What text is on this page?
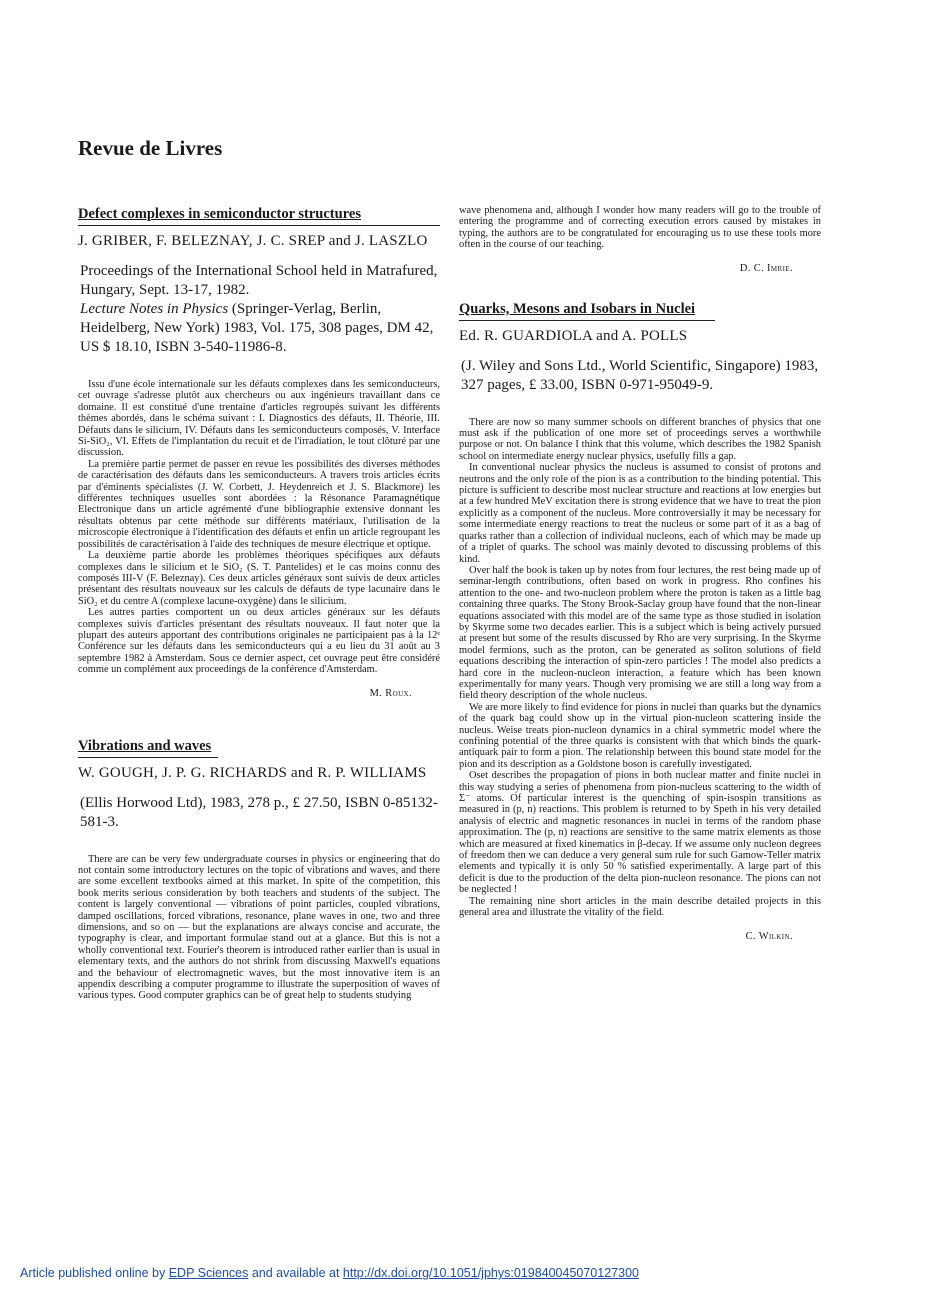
Revue de Livres
Defect complexes in semiconductor structures
J. GRIBER, F. BELEZNAY, J. C. SREP and J. LASZLO

Proceedings of the International School held in Matrafured, Hungary, Sept. 13-17, 1982.

Lecture Notes in Physics (Springer-Verlag, Berlin, Heidelberg, New York) 1983, Vol. 175, 308 pages, DM 42, US $ 18.10, ISBN 3-540-11986-8.

Issu d'une école internationale sur les défauts complexes dans les semiconducteurs, cet ouvrage s'adresse plutôt aux chercheurs ou aux ingénieurs travaillant dans ce domaine. Il est constitué d'une trentaine d'articles regroupés suivant les différents thèmes abordés, dans le schéma suivant : I. Diagnostics des défauts, II. Théorie, III. Défauts dans le silicium, IV. Défauts dans les semiconducteurs composés, V. Interface Si-SiO₂, VI. Effets de l'implantation du recuit et de l'irradiation, le tout clôturé par une discussion.

La première partie permet de passer en revue les possibilités des diverses méthodes de caractérisation des défauts dans les semiconducteurs. A travers trois articles écrits par d'éminents spécialistes (J. W. Corbett, J. Heydenreich et J. S. Blackmore) les différentes techniques usuelles sont abordées : la Résonance Paramagnétique Electronique dans un article agrémenté d'une bibliographie extensive donnant les résultats obtenus par cette méthode sur différents matériaux, l'utilisation de la microscopie électronique à l'identification des défauts et enfin un article regroupant les possibilités de caractérisation à l'aide des techniques de mesure électrique et optique.

La deuxième partie aborde les problèmes théoriques spécifiques aux défauts complexes dans le silicium et le SiO₂ (S. T. Pantelides) et le cas moins connu des composés III-V (F. Beleznay). Ces deux articles généraux sont suivis de deux articles présentant des résultats nouveaux sur les calculs de défauts de type lacunaire dans le SiO₂ et du centre A (complexe lacune-oxygène) dans le silicium.

Les autres parties comportent un ou deux articles généraux sur les défauts complexes suivis d'articles présentant des résultats nouveaux. Il faut noter que la plupart des auteurs apportant des contributions originales ne participaient pas à la 12ᵉ Conférence sur les défauts dans les semiconducteurs qui a eu lieu du 31 août au 3 septembre 1982 à Amsterdam. Sous ce dernier aspect, cet ouvrage peut être considéré comme un complément aux proceedings de la conférence d'Amsterdam.

M. Roux.
Vibrations and waves
W. GOUGH, J. P. G. RICHARDS and R. P. WILLIAMS
(Ellis Horwood Ltd), 1983, 278 p., £ 27.50, ISBN 0-85132-581-3.

There are can be very few undergraduate courses in physics or engineering that do not contain some introductory lectures on the topic of vibrations and waves, and there are some excellent textbooks aimed at this market. In spite of the competition, this book merits serious consideration by both teachers and students of the subject. The content is largely conventional — vibrations of point particles, coupled vibrations, damped oscillations, forced vibrations, resonance, plane waves in one, two and three dimensions, and so on — but the explanations are always concise and accurate, the typography is clear, and important formulae stand out at a glance. But this is not a wholly conventional text. Fourier's theorem is introduced rather earlier than is usual in elementary texts, and the authors do not shrink from discussing Maxwell's equations and the behaviour of electromagnetic waves, but the most innovative item is an appendix describing a computer programme to illustrate the superposition of waves of various types. Good computer graphics can be of great help to students studying

wave phenomena and, although I wonder how many readers will go to the trouble of entering the programme and of correcting execution errors caused by mistakes in typing, the authors are to be congratulated for encouraging us to use these tools more often in the course of our teaching.

D. C. Imrie.
Quarks, Mesons and Isobars in Nuclei
Ed. R. GUARDIOLA and A. POLLS
(J. Wiley and Sons Ltd., World Scientific, Singapore) 1983, 327 pages, £ 33.00, ISBN 0-971-95049-9.

There are now so many summer schools on different branches of physics that one must ask if the publication of one more set of proceedings serves a worthwhile purpose or not. On balance I think that this volume, which describes the 1982 Spanish school on intermediate energy nuclear physics, usefully fills a gap.

In conventional nuclear physics the nucleus is assumed to consist of protons and neutrons and the only role of the pion is as a contribution to the binding potential. This picture is sufficient to describe most nuclear structure and reactions at low energies but at a few hundred MeV excitation there is strong evidence that we have to treat the pion explicitly as a component of the nucleus. More controversially it may be necessary for some intermediate energy reactions to treat the nucleus or some part of it as a bag of quarks rather than a collection of individual nucleons, each of which may be made up of a triplet of quarks. The school was mainly devoted to discussing problems of this kind.

Over half the book is taken up by notes from four lectures, the rest being made up of seminar-length contributions, often based on work in progress. Rho confines his attention to the one- and two-nucleon problem where the proton is taken as a little bag containing three quarks. The Stony Brook-Saclay group have found that the non-linear equations associated with this model are of the same type as those studied in isolation by Skyrme some two decades earlier. This is a subject which is being actively pursued at present but some of the results discussed by Rho are very surprising. In the Skyrme model fermions, such as the proton, can be generated as soliton solutions of field equations describing the interaction of spin-zero particles ! The model also predicts a hard core in the nucleon-nucleon interaction, a feature which has been known experimentally for many years. Though very promising we are still a long way from a field theory description of the whole nucleus.

We are more likely to find evidence for pions in nuclei than quarks but the dynamics of the quark bag could show up in the virtual pion-nucleon scattering inside the nucleus. Weise treats pion-nucleon dynamics in a chiral symmetric model where the confining potential of the three quarks is consistent with that which binds the quark-antiquark pair to form a pion. The relationship between this bound state model for the pion and its description as a Goldstone boson is carefully investigated.

Oset describes the propagation of pions in both nuclear matter and finite nuclei in this way studying a series of phenomena from pion-nucleus scattering to the width of Σ⁻ atoms. Of particular interest is the quenching of spin-isospin transitions as measured in (p, n) reactions. This problem is returned to by Speth in his very detailed analysis of electric and magnetic resonances in nuclei in terms of the random phase approximation. The (p, n) reactions are sensitive to the same matrix elements as those which are measured at fixed kinematics in β-decay. If we assume only nucleon degrees of freedom then we can deduce a very general sum rule for such Gamow-Teller matrix elements and typically it is only 50 % satisfied experimentally. A large part of this deficit is due to the production of the delta pion-nucleon resonance. The pions can not be neglected !

The remaining nine short articles in the main describe detailed projects in this general area and illustrate the vitality of the field.

C. Wilkin.
Article published online by EDP Sciences and available at http://dx.doi.org/10.1051/jphys:019840045070127300
